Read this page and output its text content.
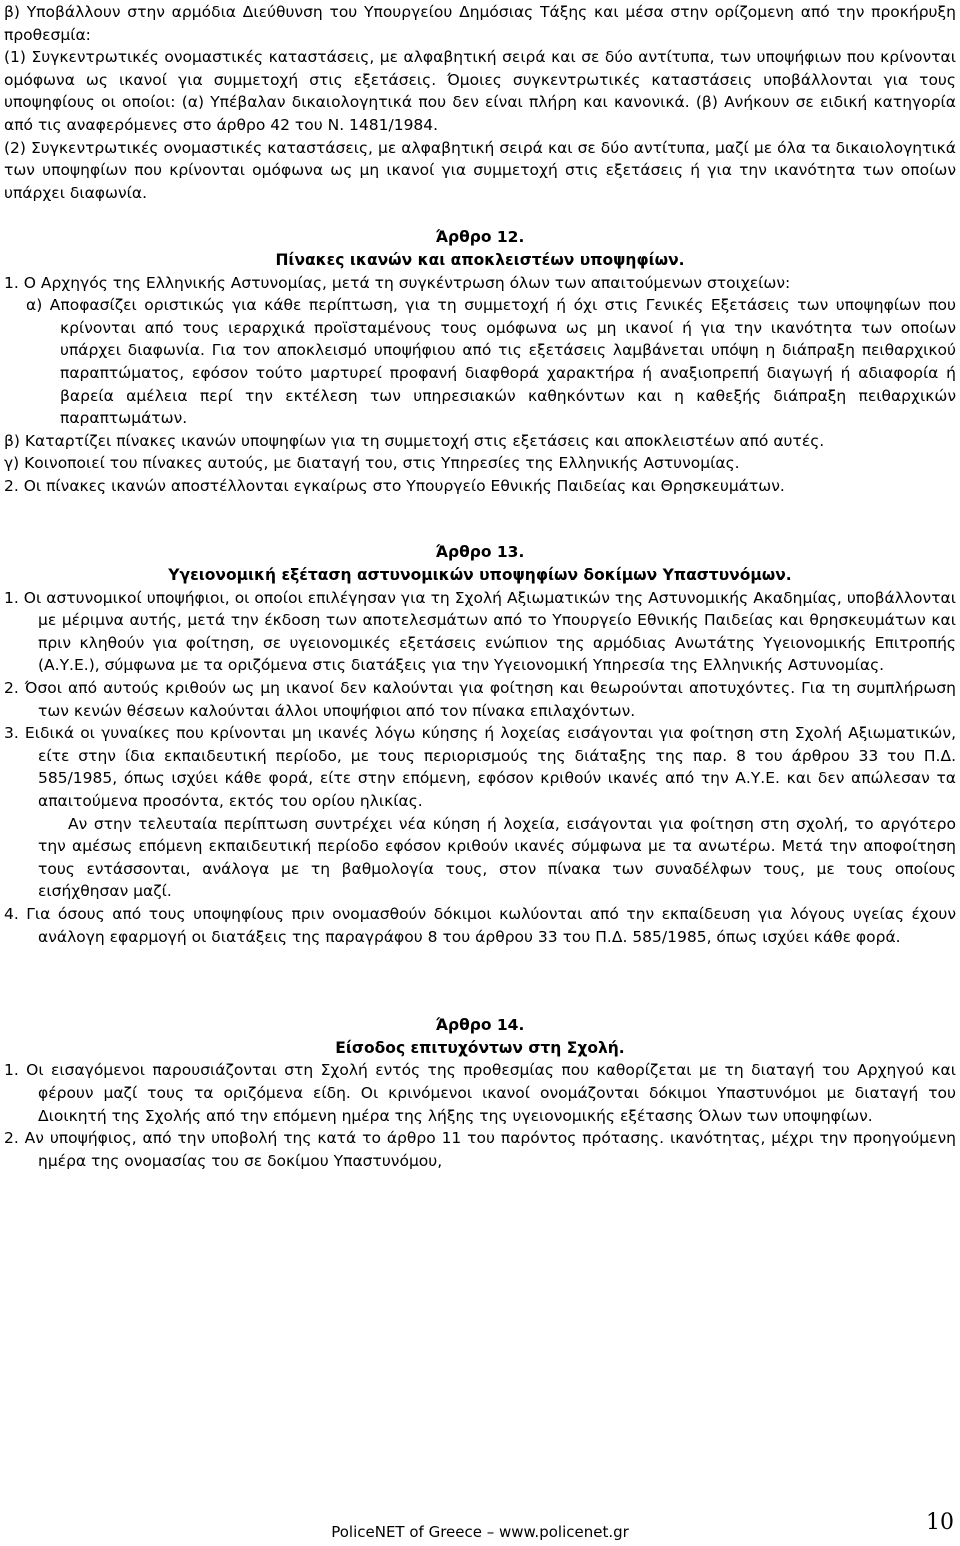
β) Υποβάλλουν στην αρμόδια Διεύθυνση του Υπουργείου Δημόσιας Τάξης και μέσα στην ορίζομενη από την προκήρυξη προθεσμία:

(1) Συγκεντρωτικές ονομαστικές καταστάσεις, με αλφαβητική σειρά και σε δύο αντίτυπα, των υποψήφιων που κρίνονται ομόφωνα ως ικανοί για συμμετοχή στις εξετάσεις. Όμοιες συγκεντρωτικές καταστάσεις υποβάλλονται για τους υποψηφίους οι οποίοι: (α) Υπέβαλαν δικαιολογητικά που δεν είναι πλήρη και κανονικά. (β) Ανήκουν σε ειδική κατηγορία από τις αναφερόμενες στο άρθρο 42 του Ν. 1481/1984.

(2) Συγκεντρωτικές ονομαστικές καταστάσεις, με αλφαβητική σειρά και σε δύο αντίτυπα, μαζί με όλα τα δικαιολογητικά των υποψηφίων που κρίνονται ομόφωνα ως μη ικανοί για συμμετοχή στις εξετάσεις ή για την ικανότητα των οποίων υπάρχει διαφωνία.

Άρθρο 12.

Πίνακες ικανών και αποκλειστέων υποψηφίων.

1. Ο Αρχηγός της Ελληνικής Αστυνομίας, μετά τη συγκέντρωση όλων των απαιτούμενων στοιχείων:

α) Αποφασίζει οριστικώς για κάθε περίπτωση, για τη συμμετοχή ή όχι στις Γενικές Εξετάσεις των υποψηφίων που κρίνονται από τους ιεραρχικά προϊσταμένους τους ομόφωνα ως μη ικανοί ή για την ικανότητα των οποίων υπάρχει διαφωνία. Για τον αποκλεισμό υποψήφιου από τις εξετάσεις λαμβάνεται υπόψη η διάπραξη πειθαρχικού παραπτώματος, εφόσον τούτο μαρτυρεί προφανή διαφθορά χαρακτήρα ή αναξιοπρεπή διαγωγή ή αδιαφορία ή βαρεία αμέλεια περί την εκτέλεση των υπηρεσιακών καθηκόντων και η καθεξής διάπραξη πειθαρχικών παραπτωμάτων.

β) Καταρτίζει πίνακες ικανών υποψηφίων για τη συμμετοχή στις εξετάσεις και αποκλειστέων από αυτές.

γ) Κοινοποιεί του πίνακες αυτούς, με διαταγή του, στις Υπηρεσίες της Ελληνικής Αστυνομίας.

2. Οι πίνακες ικανών αποστέλλονται εγκαίρως στο Υπουργείο Εθνικής Παιδείας και Θρησκευμάτων.

Άρθρο 13.

Υγειονομική εξέταση αστυνομικών υποψηφίων δοκίμων Υπαστυνόμων.

1. Οι αστυνομικοί υποψήφιοι, οι οποίοι επιλέγησαν για τη Σχολή Αξιωματικών της Αστυνομικής Ακαδημίας, υποβάλλονται με μέριμνα αυτής, μετά την έκδοση των αποτελεσμάτων από το Υπουργείο Εθνικής Παιδείας και θρησκευμάτων και πριν κληθούν για φοίτηση, σε υγειονομικές εξετάσεις ενώπιον της αρμόδιας Ανωτάτης Υγειονομικής Επιτροπής (Α.Υ.Ε.), σύμφωνα με τα οριζόμενα στις διατάξεις για την Υγειονομική Υπηρεσία της Ελληνικής Αστυνομίας.

2. Όσοι από αυτούς κριθούν ως μη ικανοί δεν καλούνται για φοίτηση και θεωρούνται αποτυχόντες. Για τη συμπλήρωση των κενών θέσεων καλούνται άλλοι υποψήφιοι από τον πίνακα επιλαχόντων.

3. Ειδικά οι γυναίκες που κρίνονται μη ικανές λόγω κύησης ή λοχείας εισάγονται για φοίτηση στη Σχολή Αξιωματικών, είτε στην ίδια εκπαιδευτική περίοδο, με τους περιορισμούς της διάταξης της παρ. 8 του άρθρου 33 του Π.Δ. 585/1985, όπως ισχύει κάθε φορά, είτε στην επόμενη, εφόσον κριθούν ικανές από την Α.Υ.Ε. και δεν απώλεσαν τα απαιτούμενα προσόντα, εκτός του ορίου ηλικίας.

Αν στην τελευταία περίπτωση συντρέχει νέα κύηση ή λοχεία, εισάγονται για φοίτηση στη σχολή, το αργότερο την αμέσως επόμενη εκπαιδευτική περίοδο εφόσον κριθούν ικανές σύμφωνα με τα ανωτέρω. Μετά την αποφοίτηση τους εντάσσονται, ανάλογα με τη βαθμολογία τους, στον πίνακα των συναδέλφων τους, με τους οποίους εισήχθησαν μαζί.

4. Για όσους από τους υποψηφίους πριν ονομασθούν δόκιμοι κωλύονται από την εκπαίδευση για λόγους υγείας έχουν ανάλογη εφαρμογή οι διατάξεις της παραγράφου 8 του άρθρου 33 του Π.Δ. 585/1985, όπως ισχύει κάθε φορά.

Άρθρο 14.

Είσοδος επιτυχόντων στη Σχολή.

1. Οι εισαγόμενοι παρουσιάζονται στη Σχολή εντός της προθεσμίας που καθορίζεται με τη διαταγή του Αρχηγού και φέρουν μαζί τους τα οριζόμενα είδη. Οι κρινόμενοι ικανοί ονομάζονται δόκιμοι Υπαστυνόμοι με διαταγή του Διοικητή της Σχολής από την επόμενη ημέρα της λήξης της υγειονομικής εξέτασης Όλων των υποψηφίων.

2. Αν υποψήφιος, από την υποβολή της κατά το άρθρο 11 του παρόντος πρότασης. ικανότητας, μέχρι την προηγούμενη ημέρα της ονομασίας του σε δοκίμου Υπαστυνόμου,

PoliceNET of Greece – www.policenet.gr	10
